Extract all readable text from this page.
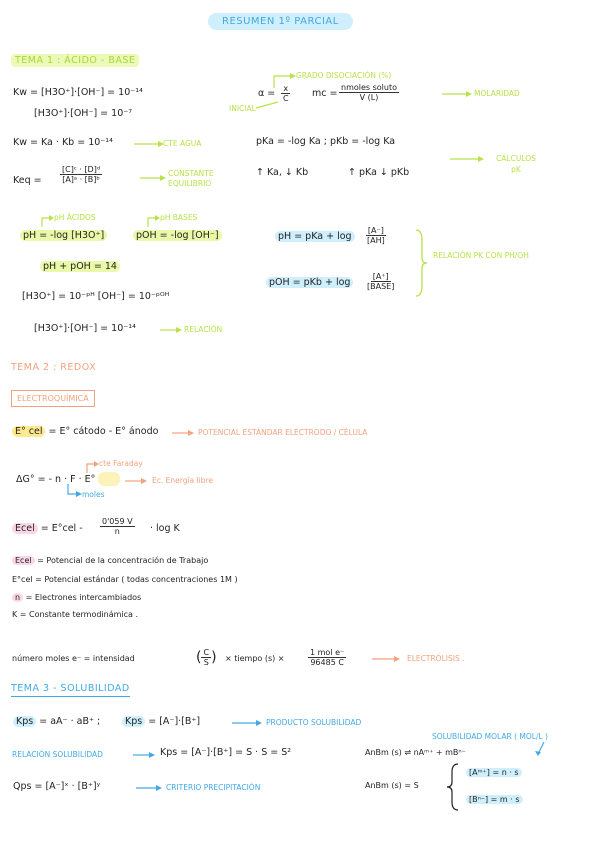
RESUMEN 1º PARCIAL
TEMA 1 : ÁCIDO - BASE
Kw = [H3O⁺]·[OH⁻] = 10⁻¹⁴
[H3O⁺]·[OH⁻] = 10⁻⁷
Kw = Ka · Kb = 10⁻¹⁴	CTE AGUA
Keq = $\frac{\text{[C]ᶜ · [D]ᵈ}}{\text{[A]ᵃ · [B]ᵇ}}$	CONSTANTE EQUILIBRIO
GRADO DISOCIACIÓN (%)
INICIAL
$\alpha = \frac{x}{C}$ mc = $\frac{\text{nmoles soluto}}{V (L)}$	MOLARIDAD
pKa = -log Ka ; pKb = -log Ka
CÁLCULOS pK
↑ Ka, ↓ Kb	↑ pKa ↓ pKb
pH ÁCIDOS	pH BASES
pH = -log [H3O⁺]	pOH = -log [OH⁻]
pH + pOH = 14
[H3O⁺] = 10⁻ᵖᴴ [OH⁻] = 10⁻ᵖᴼᴴ
[H3O⁺]·[OH⁻] = 10⁻¹⁴	RELACIÓN
pH = pKa + log	$\frac{[A^-]}{[AH]}$
pOH = pKb + log	$\frac{[A^+]}{\text{[BASE]}}$
RELACIÓN PK CON PH/OH
TEMA 2 : REDOX
ELECTROQUÍMICA
E° cel = E° cátodo - E° ánodo	POTENCIAL ESTÁNDAR ELECTRODO / CÉLULA
cte Faraday
ΔG° = - n · F · E°
moles
Ec. Energía libre
Ecel = $E^\circ cel - \frac{0'059 V}{n} \cdot \log K$
Ecel = Potencial de la concentración de Trabajo
E°cel = Potencial estándar ( todas concentraciones 1M )
n = Electrones intercambiados
K = Constante termodinámica .
número moles e⁻ = intensidad	( $\frac{C}{S}$ ) × tiempo (s) ×	$\frac{\text{1 mol e⁻}}{96485 C}$	ELECTRÓLISIS .
TEMA 3 - SOLUBILIDAD
Kps = aA⁻ · aB⁺ ;	Kps = [A⁻]·[B⁺]	PRODUCTO SOLUBILIDAD
RELACIÓN SOLUBILIDAD	Kps = [A⁻]·[B⁺] = S · S = S²
Qps = [A⁻]ˣ · [B⁺]ʸ	CRITERIO PRECIPITACIÓN
SOLUBILIDAD MOLAR ( MOL/L )
AnBm (s) ⇌ nAᵐ⁺ + mBⁿ⁻
AnBm (s) = S
[Aᵐ⁺] = n · s
[Bⁿ⁻] = m · s
